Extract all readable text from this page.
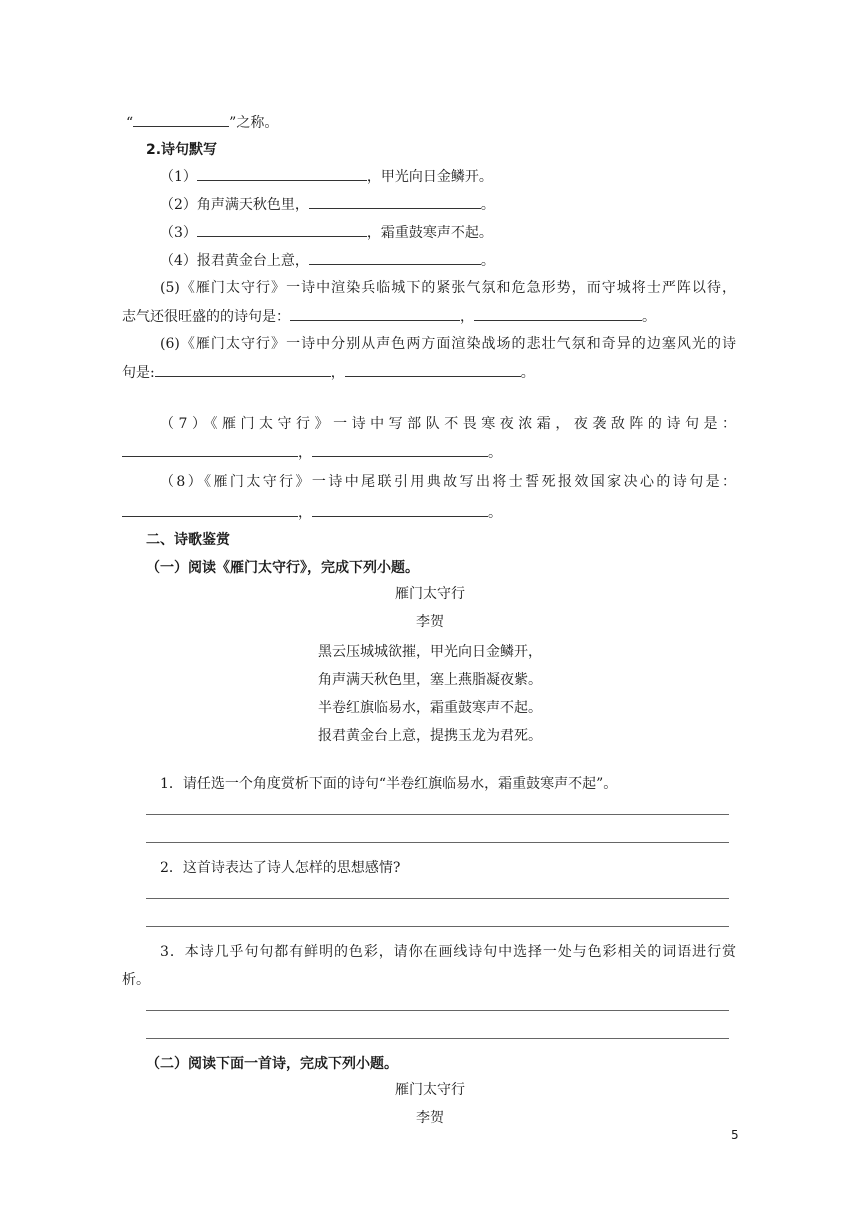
“	”之称。
2.诗句默写
（1）	，甲光向日金鳞开。
（2）角声满天秋色里，	。
（3）	，霜重鼓寒声不起。
（4）报君黄金台上意，	。
(5)《雁门太守行》一诗中渲染兵临城下的紧张气氛和危急形势，而守城将士严阵以待，
志气还很旺盛的的诗句是：	，	。
(6)《雁门太守行》一诗中分别从声色两方面渲染战场的悲壮气氛和奇异的边塞风光的诗
句是:	，	。
（7）《雁门太守行》一诗中写部队不畏寒夜浓霜，夜袭敌阵的诗句是：
，	。
（8）《雁门太守行》一诗中尾联引用典故写出将士誓死报效国家决心的诗句是：
，	。
二、诗歌鉴赏
（一）阅读《雁门太守行》，完成下列小题。
雁门太守行
李贺
黑云压城城欲摧，甲光向日金鳞开，
角声满天秋色里，塞上燕脂凝夜紫。
半卷红旗临易水，霜重鼓寒声不起。
报君黄金台上意，提携玉龙为君死。
1．请任选一个角度赏析下面的诗句“半卷红旗临易水，霜重鼓寒声不起”。
2．这首诗表达了诗人怎样的思想感情?
3．本诗几乎句句都有鲜明的色彩，请你在画线诗句中选择一处与色彩相关的词语进行赏
析。
（二）阅读下面一首诗，完成下列小题。
雁门太守行
李贺
5
